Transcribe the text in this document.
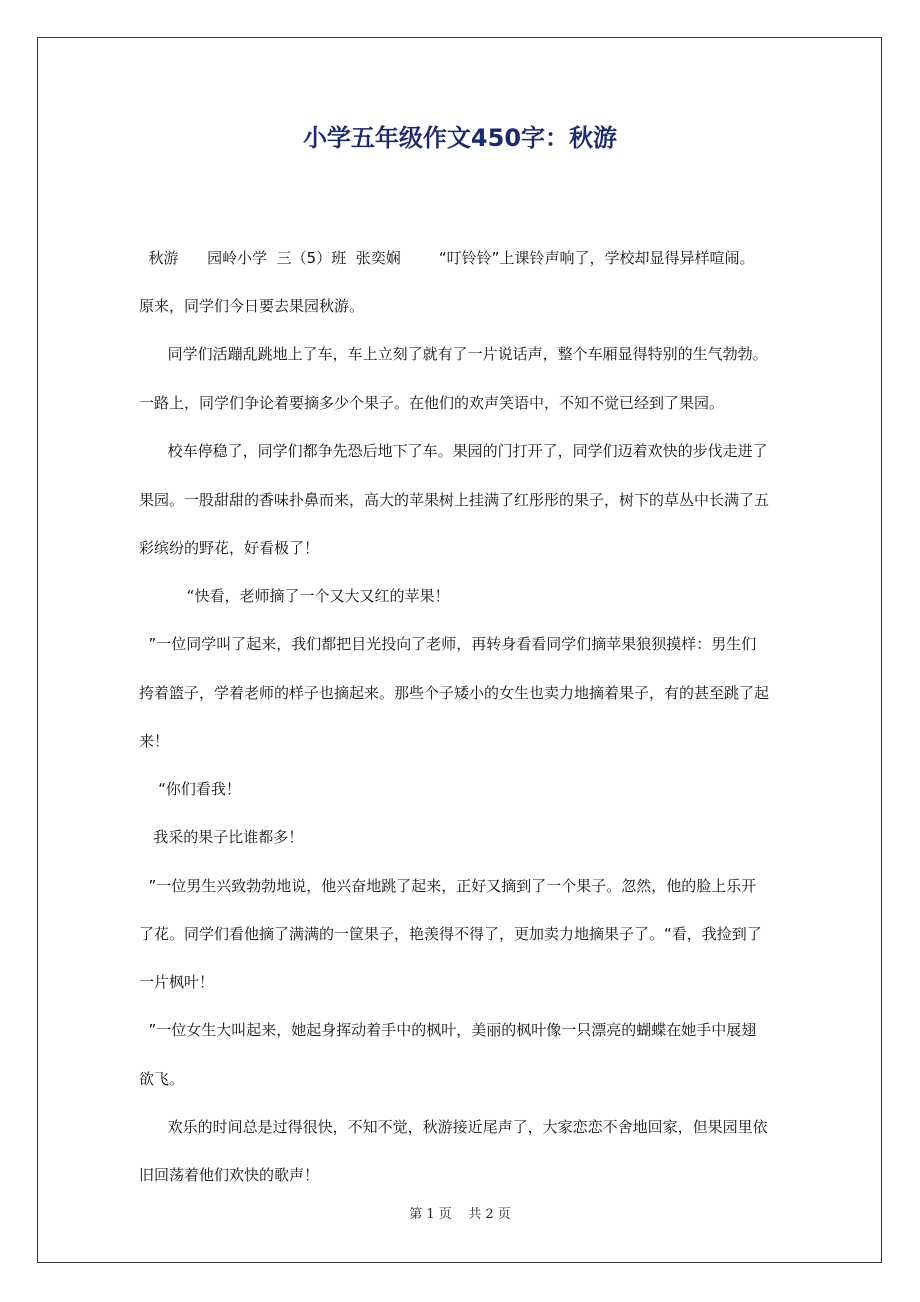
小学五年级作文450字：秋游
秋游      园岭小学  三（5）班  张奕娴        “叮铃铃”上课铃声响了，学校却显得异样喧闹。
原来，同学们今日要去果园秋游。
同学们活蹦乱跳地上了车，车上立刻了就有了一片说话声，整个车厢显得特别的生气勃勃。
一路上，同学们争论着要摘多少个果子。在他们的欢声笑语中，不知不觉已经到了果园。
校车停稳了，同学们都争先恐后地下了车。果园的门打开了，同学们迈着欢快的步伐走进了
果园。一股甜甜的香味扑鼻而来，高大的苹果树上挂满了红彤彤的果子，树下的草丛中长满了五
彩缤纷的野花，好看极了！
“快看，老师摘了一个又大又红的苹果！
”一位同学叫了起来，我们都把目光投向了老师，再转身看看同学们摘苹果狼狈摸样：男生们
挎着篮子，学着老师的样子也摘起来。那些个子矮小的女生也卖力地摘着果子，有的甚至跳了起
来！
“你们看我！
我采的果子比谁都多！
”一位男生兴致勃勃地说，他兴奋地跳了起来，正好又摘到了一个果子。忽然，他的脸上乐开
了花。同学们看他摘了满满的一筐果子，艳羡得不得了，更加卖力地摘果子了。“看，我捡到了
一片枫叶！
”一位女生大叫起来，她起身挥动着手中的枫叶，美丽的枫叶像一只漂亮的蝴蝶在她手中展翅
欲飞。
欢乐的时间总是过得很快，不知不觉，秋游接近尾声了，大家恋恋不舍地回家，但果园里依
旧回荡着他们欢快的歌声！
第 1 页    共 2 页
